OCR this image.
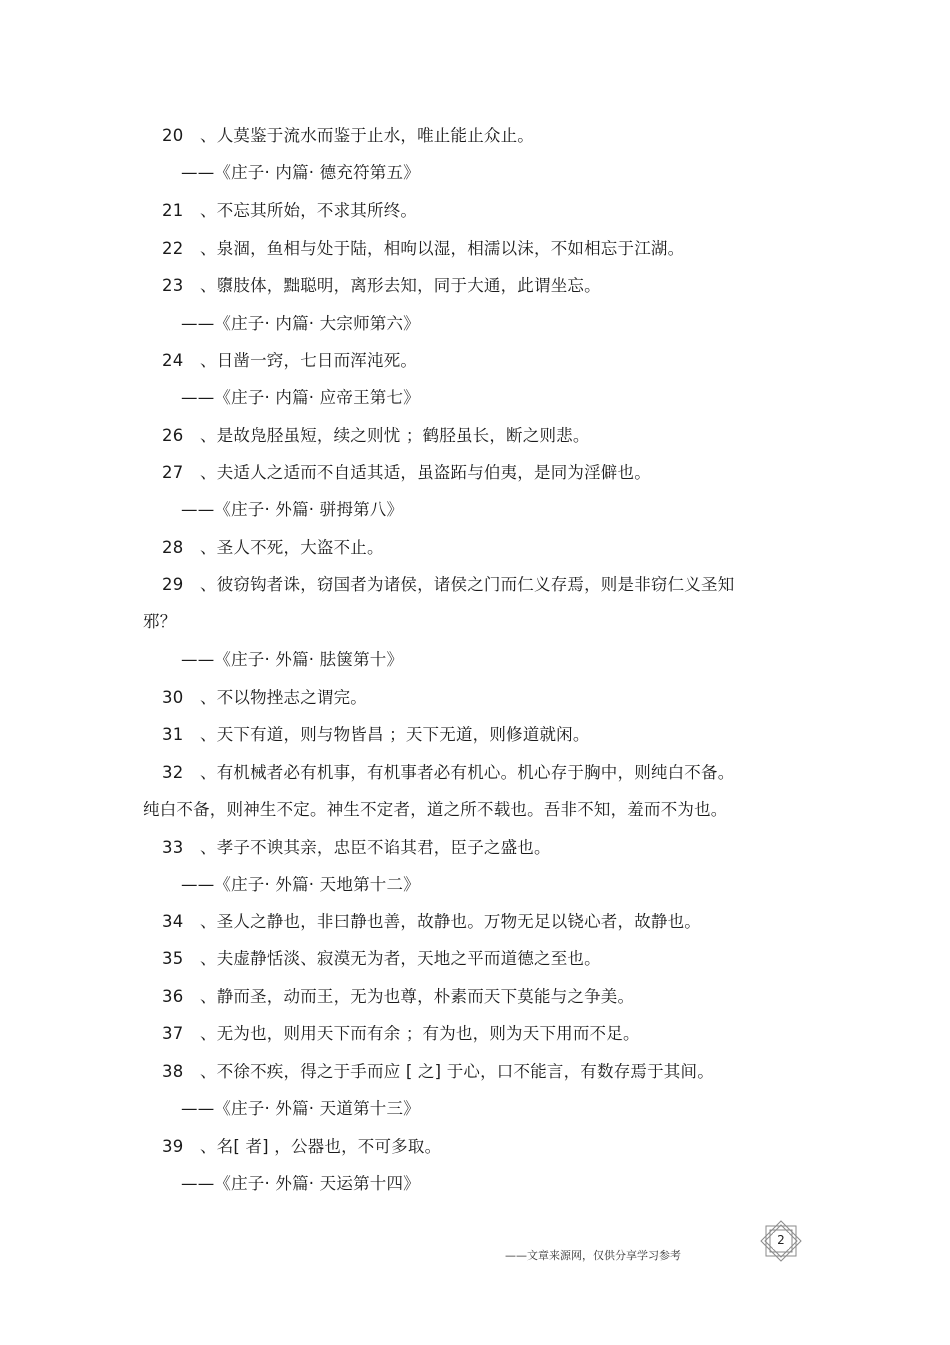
20 、人莫鉴于流水而鉴于止水，唯止能止众止。
——《庄子· 内篇· 德充符第五》
21 、不忘其所始，不求其所终。
22 、泉涸，鱼相与处于陆，相呴以湿，相濡以沫，不如相忘于江湖。
23 、隳肢体，黜聪明，离形去知，同于大通，此谓坐忘。
——《庄子· 内篇· 大宗师第六》
24 、日凿一窍，七日而浑沌死。
——《庄子· 内篇· 应帝王第七》
26 、是故凫胫虽短，续之则忧 ；鹤胫虽长，断之则悲。
27 、夫适人之适而不自适其适，虽盗跖与伯夷，是同为淫僻也。
——《庄子· 外篇· 骈拇第八》
28 、圣人不死，大盗不止。
29 、彼窃钩者诛，窃国者为诸侯，诸侯之门而仁义存焉，则是非窃仁义圣知
邪？
——《庄子· 外篇· 胠箧第十》
30 、不以物挫志之谓完。
31 、天下有道，则与物皆昌 ；天下无道，则修道就闲。
32 、有机械者必有机事，有机事者必有机心。机心存于胸中，则纯白不备。
纯白不备，则神生不定。神生不定者，道之所不载也。吾非不知，羞而不为也。
33 、孝子不谀其亲，忠臣不谄其君，臣子之盛也。
——《庄子· 外篇· 天地第十二》
34 、圣人之静也，非曰静也善，故静也。万物无足以铙心者，故静也。
35 、夫虚静恬淡、寂漠无为者，天地之平而道德之至也。
36 、静而圣，动而王，无为也尊，朴素而天下莫能与之争美。
37 、无为也，则用天下而有余 ；有为也，则为天下用而不足。
38 、不徐不疾，得之于手而应 [ 之] 于心，口不能言，有数存焉于其间。
——《庄子· 外篇· 天道第十三》
39 、名[ 者] ，公器也，不可多取。
——《庄子· 外篇· 天运第十四》
——文章来源网，仅供分享学习参考
2
